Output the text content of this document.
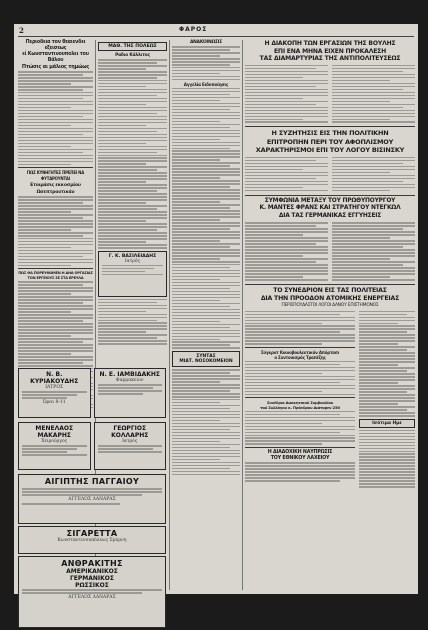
2	ΦΑΡΟΣ
Περιοδεια τον θεαιενδει εξεισεως
εί Κωνσταντινουπολει του Βάλου
Πτώσις αι μάλιος τημώως
ΠΩΣ ΚΥΝΗΓΗΤΕΣ ΠΡΕΠΕΙ ΝΑ ΦΥΤΑΡΟΥΝΤΑΙ
Ετοιμάσις εκκοσμίου Ωσεπτρουτικάν
ΠΩΣ ΘΑ ΠΟΡΕΥΘΩΜΕΝ Η ΔΗΑ ΟΡΓΑΣΙΑΣ
ΤΟΝ ΕΡΓΕΙΟΥΣ ΣΕ ΣΤΑ ΕΡΕΥΛΑ
Ν. Β. ΚΥΡΙΑΚΟΥΔΗΣ
ΙΑΤΡΟΣ
Ώραι 8-11
Ν. Ε. ΙΑΜΒΙΔΑΚΗΣ
Φαρμακείον
ΜΕΝΕΛΑΟΣ ΜΑΚΑΡΗΣ
Χειρούργος
ΓΕΩΡΓΙΟΣ ΚΟΛΛΑΡΗΣ
Ιατρός
ΑΙΓΙΠΤΗΣ ΠΑΓΓΑΙΟΥ
ΑΓΓΕΛΟΣ ΛΑΝΑΡΑΣ
ΣΙΓΑΡΕΤΤΑ
Κωνσταντινουπόλεως Σμύρνη
ΑΝΘΡΑΚΙΤΗΣ
ΑΜΕΡΙΚΑΝΙΚΟΣ
ΓΕΡΜΑΝΙΚΟΣ
ΡΩΣΣΙΚΟΣ
ΑΓΓΕΛΟΣ ΛΑΝΑΡΑΣ
ΜΑΘ. ΤΗΣ ΠΟΛΕΩΣ
Ραδιο Κάλλιτος
Γ. Κ. ΒΑΣΙΛΕΙΑΔΗΣ
Ιατρός
ΑΝΑΚΟΙΝΩΣΙΣ
Αγγελία Ειδοποίησις
ΣΥΝΤΑΣ
ΜΙΑΤ. ΝΟΣΟΚΟΜΕΙΟΝ
Η ΔΙΑΚΟΠΗ ΤΩΝ ΕΡΓΑΣΙΩΝ ΤΗΣ ΒΟΥΛΗΣ
ΕΠΙ ΕΝΑ ΜΗΝΑ ΕΙΧΕΝ ΠΡΟΚΑΛΕΣΗ
ΤΑΣ ΔΙΑΜΑΡΤΥΡΙΑΣ ΤΗΣ ΑΝΤΙΠΟΛΙΤΕΥΣΕΩΣ
Η ΣΥΖΗΤΗΣΙΣ ΕΙΣ ΤΗΝ ΠΟΛΙΤΙΚΗΝ
ΕΠΙΤΡΟΠΗΝ ΠΕΡΙ ΤΟΥ ΑΦΟΠΛΙΣΜΟΥ
ΧΑΡΑΚΤΗΡΙΣΜΟΙ ΕΠΙ ΤΟΥ ΛΟΓΟΥ ΒΙΣΙΝΣΚΥ
ΣΥΜΦΩΝΙΑ ΜΕΤΑΞΥ ΤΟΥ ΠΡΩΘΥΠΟΥΡΓΟΥ
Κ. ΜΑΝΤΕΣ ΦΡΑΝΣ ΚΑΙ ΣΤΡΑΤΗΓΟΥ ΝΤΕΓΚΩΛ
ΔΙΑ ΤΑΣ ΓΕΡΜΑΝΙΚΑΣ ΕΓΓΥΗΣΕΙΣ
ΤΟ ΣΥΝΕΔΡΙΟΝ ΕΙΣ ΤΑΣ ΠΟΛΙΤΕΙΑΣ
ΔΙΑ ΤΗΝ ΠΡΟΟΔΟΝ ΑΤΟΜΙΚΗΣ ΕΝΕΡΓΕΙΑΣ
ΠΕΡΙΣΠΟΥΔΑΣΤΟΙ ΛΟΓΟΙ ΔΑΝΟΥ ΕΠΙΣΤΗΜΟΝΟΣ
Σύγκροτ Κοινοβουλευτικόν Απόρτασι
ο Συντονισμός Τραπέζης
Συνέδρια Διοικητικού Συμβουλίου
τού Συλλόγου κ. Πρόεδρου Διάτορεν 250
Η ΔΙΑΔΟΧΙΚΗ ΝΑΥΠΡΩΣΙΣ
ΤΟΥ ΕΘΝΙΚΟΥ ΛΑΧΕΙΟΥ
Ισότιμα Ημε
